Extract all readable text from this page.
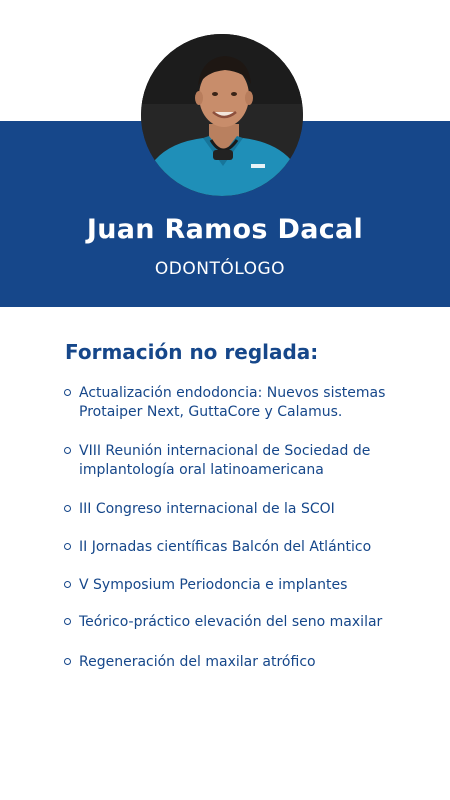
Juan Ramos Dacal
ODONTÓLOGO
Formación no reglada:
Actualización endodoncia: Nuevos sistemas Protaiper Next, GuttaCore y Calamus.
VIII Reunión internacional de Sociedad de implantología oral latinoamericana
III Congreso internacional de la SCOI
II Jornadas científicas Balcón del Atlántico
V Symposium Periodoncia e implantes
Teórico-práctico elevación del seno maxilar
Regeneración del maxilar atrófico
